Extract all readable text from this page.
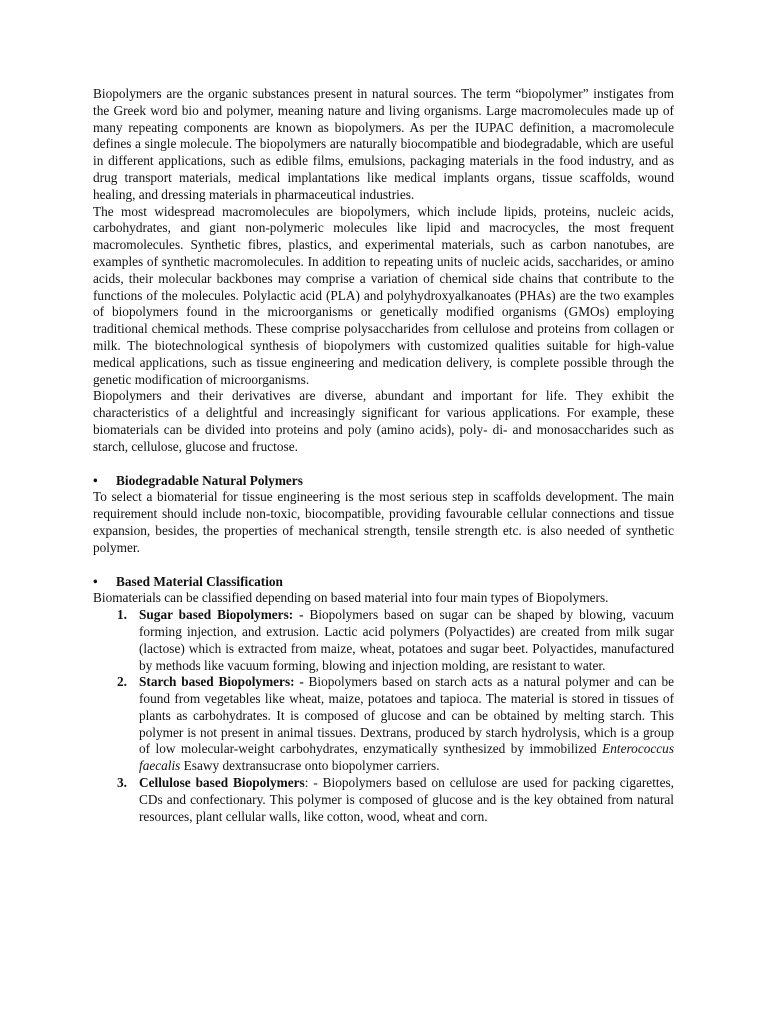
Biopolymers are the organic substances present in natural sources. The term “biopolymer” instigates from the Greek word bio and polymer, meaning nature and living organisms. Large macromolecules made up of many repeating components are known as biopolymers. As per the IUPAC definition, a macromolecule defines a single molecule. The biopolymers are naturally biocompatible and biodegradable, which are useful in different applications, such as edible films, emulsions, packaging materials in the food industry, and as drug transport materials, medical implantations like medical implants organs, tissue scaffolds, wound healing, and dressing materials in pharmaceutical industries.

The most widespread macromolecules are biopolymers, which include lipids, proteins, nucleic acids, carbohydrates, and giant non-polymeric molecules like lipid and macrocycles, the most frequent macromolecules. Synthetic fibres, plastics, and experimental materials, such as carbon nanotubes, are examples of synthetic macromolecules. In addition to repeating units of nucleic acids, saccharides, or amino acids, their molecular backbones may comprise a variation of chemical side chains that contribute to the functions of the molecules. Polylactic acid (PLA) and polyhydroxyalkanoates (PHAs) are the two examples of biopolymers found in the microorganisms or genetically modified organisms (GMOs) employing traditional chemical methods. These comprise polysaccharides from cellulose and proteins from collagen or milk. The biotechnological synthesis of biopolymers with customized qualities suitable for high-value medical applications, such as tissue engineering and medication delivery, is complete possible through the genetic modification of microorganisms.

Biopolymers and their derivatives are diverse, abundant and important for life. They exhibit the characteristics of a delightful and increasingly significant for various applications. For example, these biomaterials can be divided into proteins and poly (amino acids), poly- di- and monosaccharides such as starch, cellulose, glucose and fructose.

• Biodegradable Natural Polymers

To select a biomaterial for tissue engineering is the most serious step in scaffolds development. The main requirement should include non-toxic, biocompatible, providing favourable cellular connections and tissue expansion, besides, the properties of mechanical strength, tensile strength etc. is also needed of synthetic polymer.

• Based Material Classification

Biomaterials can be classified depending on based material into four main types of Biopolymers.

1. Sugar based Biopolymers: - Biopolymers based on sugar can be shaped by blowing, vacuum forming injection, and extrusion. Lactic acid polymers (Polyactides) are created from milk sugar (lactose) which is extracted from maize, wheat, potatoes and sugar beet. Polyactides, manufactured by methods like vacuum forming, blowing and injection molding, are resistant to water.
2. Starch based Biopolymers: - Biopolymers based on starch acts as a natural polymer and can be found from vegetables like wheat, maize, potatoes and tapioca. The material is stored in tissues of plants as carbohydrates. It is composed of glucose and can be obtained by melting starch. This polymer is not present in animal tissues. Dextrans, produced by starch hydrolysis, which is a group of low molecular-weight carbohydrates, enzymatically synthesized by immobilized Enterococcus faecalis Esawy dextransucrase onto biopolymer carriers.
3. Cellulose based Biopolymers: - Biopolymers based on cellulose are used for packing cigarettes, CDs and confectionary. This polymer is composed of glucose and is the key obtained from natural resources, plant cellular walls, like cotton, wood, wheat and corn.
